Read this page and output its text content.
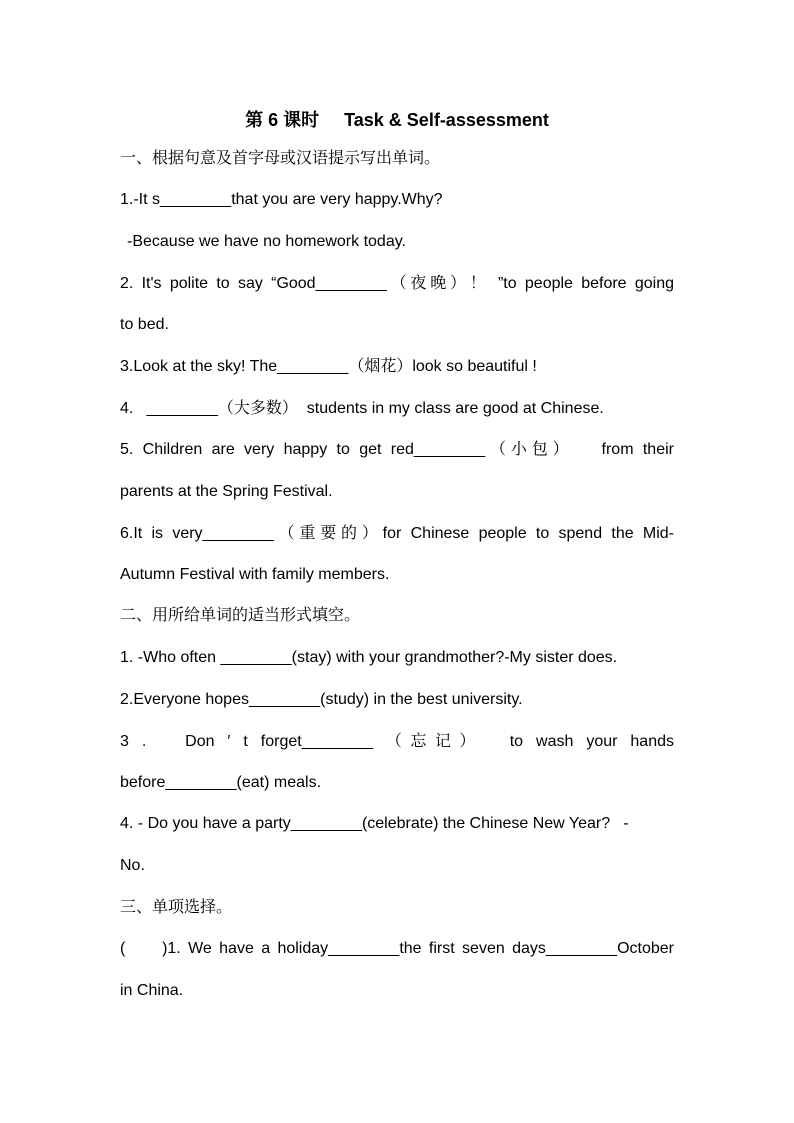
第 6 课时     Task & Self-assessment
一、根据句意及首字母或汉语提示写出单词。
1.-It s________that you are very happy.Why?
-Because we have no homework today.
2. It's polite to say “Good________（夜晚）！ ”to people before going
to bed.
3.Look at the sky! The________（烟花）look so beautiful !
4.   ________（大多数）  students in my class are good at Chinese.
5. Children are very happy to get red________（小包）   from their
parents at the Spring Festival.
6.It is very________（重要的）for Chinese people to spend the Mid-
Autumn Festival with family members.
二、用所给单词的适当形式填空。
1. -Who often ________(stay) with your grandmother?-My sister does.
2.Everyone hopes________(study) in the best university.
3 .   Don ′ t forget________ （忘记）  to wash your hands
before________(eat) meals.
4. - Do you have a party________(celebrate) the Chinese New Year?   -
No.
三、单项选择。
(     )1. We have a holiday________the first seven days________October
in China.
